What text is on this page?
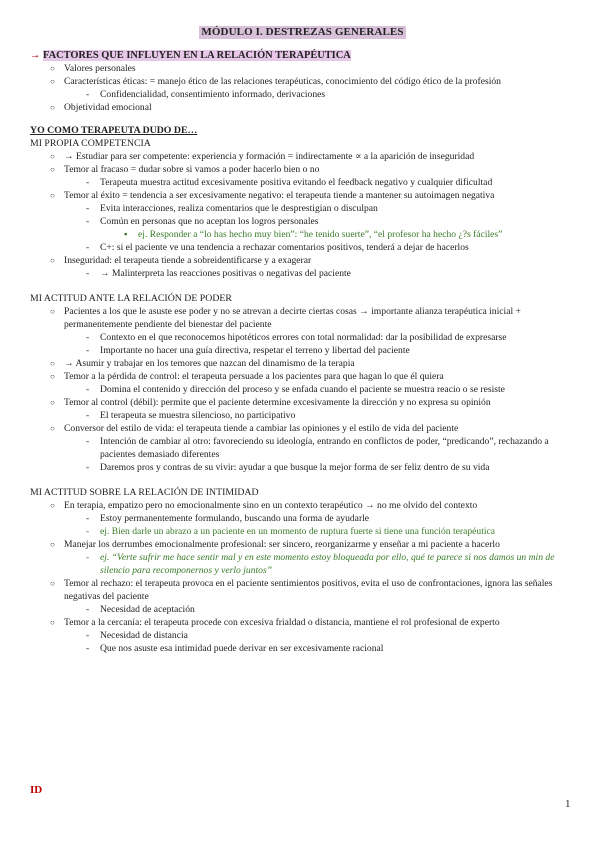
MÓDULO I. DESTREZAS GENERALES
→ FACTORES QUE INFLUYEN EN LA RELACIÓN TERAPÉUTICA
○ Valores personales
○ Características éticas: = manejo ético de las relaciones terapéuticas, conocimiento del código ético de la profesión
- Confidencialidad, consentimiento informado, derivaciones
○ Objetividad emocional
YO COMO TERAPEUTA DUDO DE…
MI PROPIA COMPETENCIA
○ → Estudiar para ser competente: experiencia y formación = indirectamente ∝ a la aparición de inseguridad
○ Temor al fracaso = dudar sobre si vamos a poder hacerlo bien o no
- Terapeuta muestra actitud excesivamente positiva evitando el feedback negativo y cualquier dificultad
○ Temor al éxito = tendencia a ser excesivamente negativo: el terapeuta tiende a mantener su autoimagen negativa
- Evita interacciones, realiza comentarios que le desprestigian o disculpan
- Común en personas que no aceptan los logros personales
▪ ej. Responder a “lo has hecho muy bien”: “he tenido suerte”, “el profesor ha hecho ¿?s fáciles”
- C+: si el paciente ve una tendencia a rechazar comentarios positivos, tenderá a dejar de hacerlos
○ Inseguridad: el terapeuta tiende a sobreidentificarse y a exagerar
- → Malinterpreta las reacciones positivas o negativas del paciente
MI ACTITUD ANTE LA RELACIÓN DE PODER
○ Pacientes a los que le asuste ese poder y no se atrevan a decirte ciertas cosas → importante alianza terapéutica inicial + permanentemente pendiente del bienestar del paciente
- Contexto en el que reconocemos hipotéticos errores con total normalidad: dar la posibilidad de expresarse
- Importante no hacer una guía directiva, respetar el terreno y libertad del paciente
○ → Asumir y trabajar en los temores que nazcan del dinamismo de la terapia
○ Temor a la pérdida de control: el terapeuta persuade a los pacientes para que hagan lo que él quiera
- Domina el contenido y dirección del proceso y se enfada cuando el paciente se muestra reacio o se resiste
○ Temor al control (débil): permite que el paciente determine excesivamente la dirección y no expresa su opinión
- El terapeuta se muestra silencioso, no participativo
○ Conversor del estilo de vida: el terapeuta tiende a cambiar las opiniones y el estilo de vida del paciente
- Intención de cambiar al otro: favoreciendo su ideología, entrando en conflictos de poder, “predicando”, rechazando a pacientes demasiado diferentes
- Daremos pros y contras de su vivir: ayudar a que busque la mejor forma de ser feliz dentro de su vida
MI ACTITUD SOBRE LA RELACIÓN DE INTIMIDAD
○ En terapia, empatizo pero no emocionalmente sino en un contexto terapéutico → no me olvido del contexto
- Estoy permanentemente formulando, buscando una forma de ayudarle
- ej. Bien darle un abrazo a un paciente en un momento de ruptura fuerte si tiene una función terapéutica
○ Manejar los derrumbes emocionalmente profesional: ser sincero, reorganizarme y enseñar a mi paciente a hacerlo
- ej. “Verte sufrir me hace sentir mal y en este momento estoy bloqueada por ello, qué te parece si nos damos un min de silencio para recomponernos y verlo juntos”
○ Temor al rechazo: el terapeuta provoca en el paciente sentimientos positivos, evita el uso de confrontaciones, ignora las señales negativas del paciente
- Necesidad de aceptación
○ Temor a la cercanía: el terapeuta procede con excesiva frialdad o distancia, mantiene el rol profesional de experto
- Necesidad de distancia
- Que nos asuste esa intimidad puede derivar en ser excesivamente racional
ID
1
